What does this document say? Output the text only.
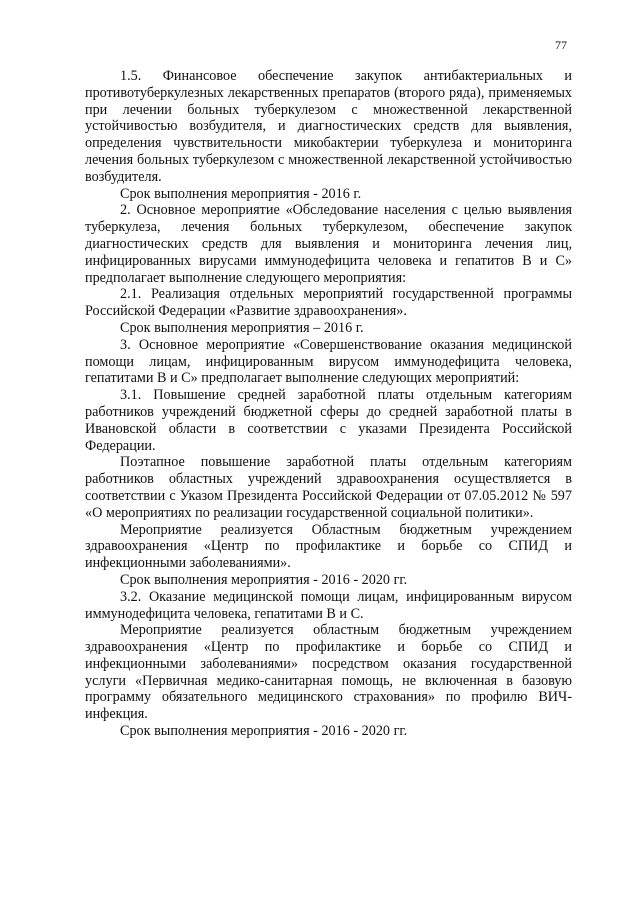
77

1.5. Финансовое обеспечение закупок антибактериальных и противотуберкулезных лекарственных препаратов (второго ряда), применяемых при лечении больных туберкулезом с множественной лекарственной устойчивостью возбудителя, и диагностических средств для выявления, определения чувствительности микобактерии туберкулеза и мониторинга лечения больных туберкулезом с множественной лекарственной устойчивостью возбудителя.

Срок выполнения мероприятия - 2016 г.

2. Основное мероприятие «Обследование населения с целью выявления туберкулеза, лечения больных туберкулезом, обеспечение закупок диагностических средств для выявления и мониторинга лечения лиц, инфицированных вирусами иммунодефицита человека и гепатитов В и С» предполагает выполнение следующего мероприятия:

2.1. Реализация отдельных мероприятий государственной программы Российской Федерации «Развитие здравоохранения».

Срок выполнения мероприятия – 2016 г.

3. Основное мероприятие «Совершенствование оказания медицинской помощи лицам, инфицированным вирусом иммунодефицита человека, гепатитами В и С» предполагает выполнение следующих мероприятий:

3.1. Повышение средней заработной платы отдельным категориям работников учреждений бюджетной сферы до средней заработной платы в Ивановской области в соответствии с указами Президента Российской Федерации.

Поэтапное повышение заработной платы отдельным категориям работников областных учреждений здравоохранения осуществляется в соответствии с Указом Президента Российской Федерации от 07.05.2012 № 597 «О мероприятиях по реализации государственной социальной политики».

Мероприятие реализуется Областным бюджетным учреждением здравоохранения «Центр по профилактике и борьбе со СПИД и инфекционными заболеваниями».

Срок выполнения мероприятия - 2016 - 2020 гг.

3.2. Оказание медицинской помощи лицам, инфицированным вирусом иммунодефицита человека, гепатитами В и С.

Мероприятие реализуется областным бюджетным учреждением здравоохранения «Центр по профилактике и борьбе со СПИД и инфекционными заболеваниями» посредством оказания государственной услуги «Первичная медико-санитарная помощь, не включенная в базовую программу обязательного медицинского страхования» по профилю ВИЧ-инфекция.

Срок выполнения мероприятия - 2016 - 2020 гг.
